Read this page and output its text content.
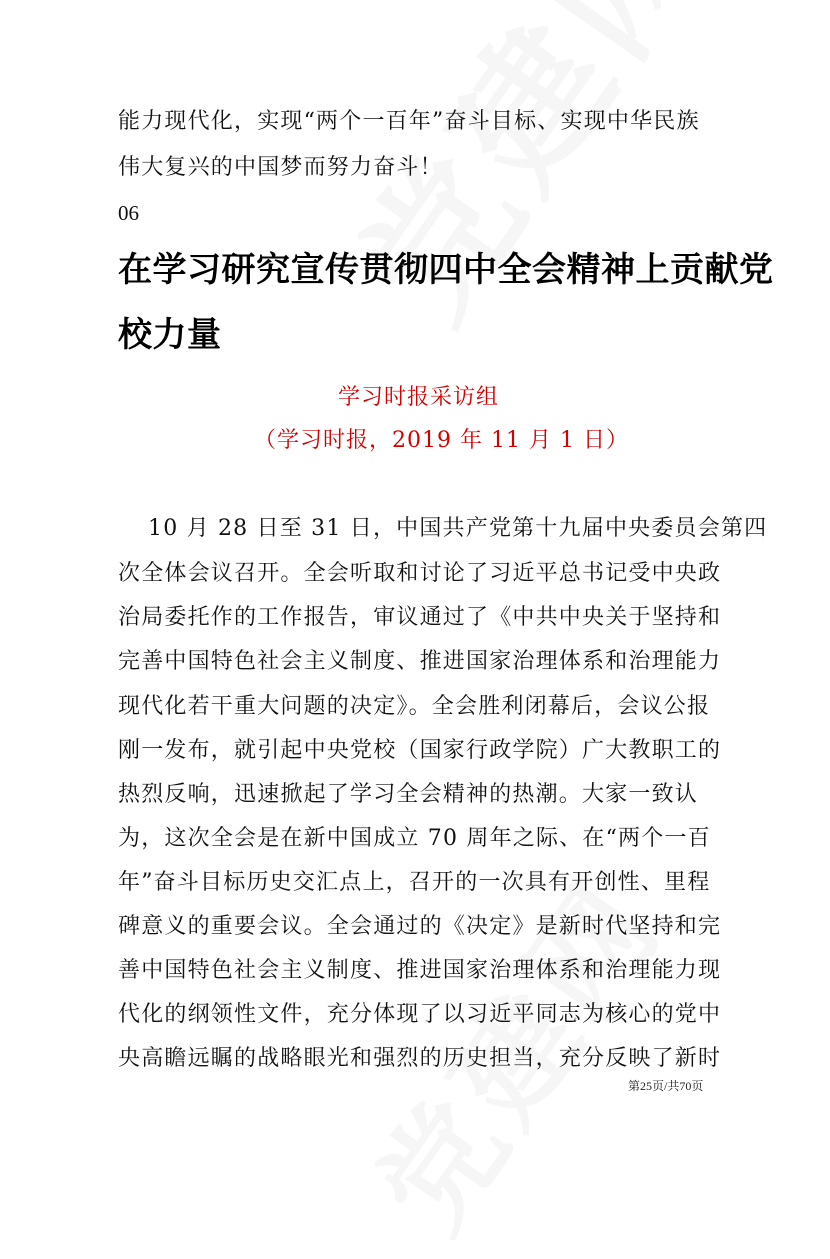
能力现代化，实现“两个一百年”奋斗目标、实现中华民族
伟大复兴的中国梦而努力奋斗！
06
在学习研究宣传贯彻四中全会精神上贡献党
校力量
学习时报采访组
（学习时报，2019 年 11 月 1 日）
10 月 28 日至 31 日，中国共产党第十九届中央委员会第四
次全体会议召开。全会听取和讨论了习近平总书记受中央政
治局委托作的工作报告，审议通过了《中共中央关于坚持和
完善中国特色社会主义制度、推进国家治理体系和治理能力
现代化若干重大问题的决定》。全会胜利闭幕后，会议公报
刚一发布，就引起中央党校（国家行政学院）广大教职工的
热烈反响，迅速掀起了学习全会精神的热潮。大家一致认
为，这次全会是在新中国成立 70 周年之际、在“两个一百
年”奋斗目标历史交汇点上，召开的一次具有开创性、里程
碑意义的重要会议。全会通过的《决定》是新时代坚持和完
善中国特色社会主义制度、推进国家治理体系和治理能力现
代化的纲领性文件，充分体现了以习近平同志为核心的党中
央高瞻远瞩的战略眼光和强烈的历史担当，充分反映了新时
第25页/共70页
